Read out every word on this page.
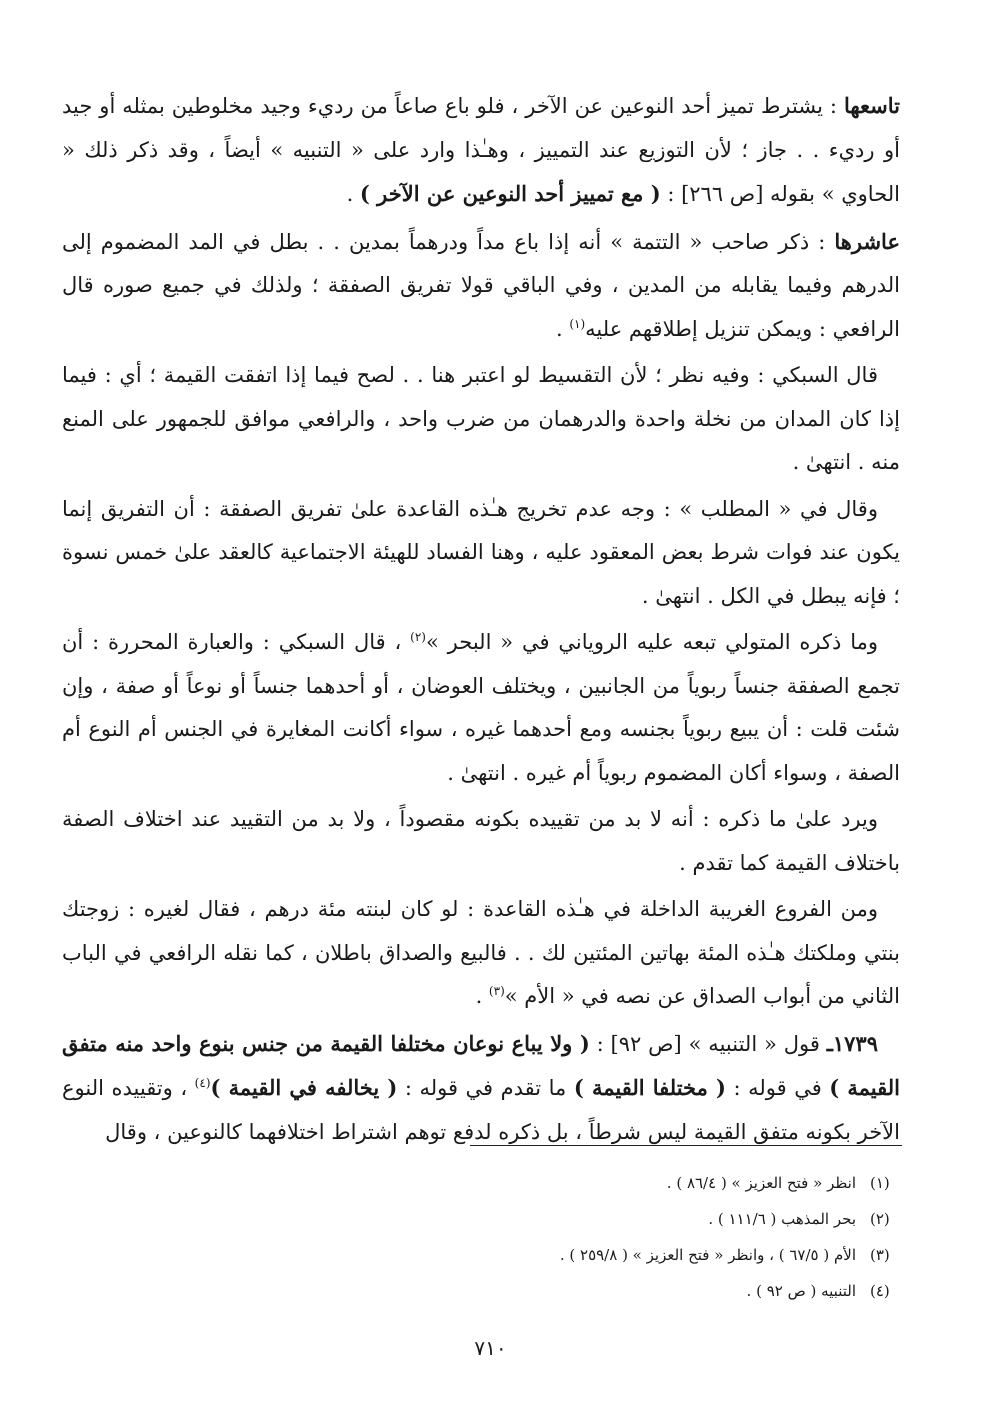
تاسعها : يشترط تميز أحد النوعين عن الآخر ، فلو باع صاعاً من رديء وجيد مخلوطين بمثله أو جيد أو رديء . . جاز ؛ لأن التوزيع عند التمييز ، وهـٰذا وارد على « التنبيه » أيضاً ، وقد ذكر ذلك « الحاوي » بقوله [ص ٢٦٦] : ( مع تمييز أحد النوعين عن الآخر ) .

عاشرها : ذكر صاحب « التتمة » أنه إذا باع مداً ودرهماً بمدين . . بطل في المد المضموم إلى الدرهم وفيما يقابله من المدين ، وفي الباقي قولا تفريق الصفقة ؛ ولذلك في جميع صوره قال الرافعي : ويمكن تنزيل إطلاقهم عليه$^{(١)}$ .

قال السبكي : وفيه نظر ؛ لأن التقسيط لو اعتبر هنا . . لصح فيما إذا اتفقت القيمة ؛ أي : فيما إذا كان المدان من نخلة واحدة والدرهمان من ضرب واحد ، والرافعي موافق للجمهور على المنع منه . انتهىٰ .

وقال في « المطلب » : وجه عدم تخريج هـٰذه القاعدة علىٰ تفريق الصفقة : أن التفريق إنما يكون عند فوات شرط بعض المعقود عليه ، وهنا الفساد للهيئة الاجتماعية كالعقد علىٰ خمس نسوة ؛ فإنه يبطل في الكل . انتهىٰ .

وما ذكره المتولي تبعه عليه الروياني في « البحر »$^{(٢)}$ ، قال السبكي : والعبارة المحررة : أن تجمع الصفقة جنساً ربوياً من الجانبين ، ويختلف العوضان ، أو أحدهما جنساً أو نوعاً أو صفة ، وإن شئت قلت : أن يبيع ربوياً بجنسه ومع أحدهما غيره ، سواء أكانت المغايرة في الجنس أم النوع أم الصفة ، وسواء أكان المضموم ربوياً أم غيره . انتهىٰ .

ويرد علىٰ ما ذكره : أنه لا بد من تقييده بكونه مقصوداً ، ولا بد من التقييد عند اختلاف الصفة باختلاف القيمة كما تقدم .

ومن الفروع الغريبة الداخلة في هـٰذه القاعدة : لو كان لبنته مئة درهم ، فقال لغيره : زوجتك بنتي وملكتك هـٰذه المئة بهاتين المئتين لك . . فالبيع والصداق باطلان ، كما نقله الرافعي في الباب الثاني من أبواب الصداق عن نصه في « الأم »$^{(٣)}$ .

١٧٣٩ـ قول « التنبيه » [ص ٩٢] : ( ولا يباع نوعان مختلفا القيمة من جنس بنوع واحد منه متفق القيمة ) في قوله : ( مختلفا القيمة ) ما تقدم في قوله : ( يخالفه في القيمة )$^{(٤)}$ ، وتقييده النوع الآخر بكونه متفق القيمة ليس شرطاً ، بل ذكره لدفع توهم اشتراط اختلافهما كالنوعين ، وقال

(١)
انظر « فتح العزيز » ( ٨٦/٤ ) .
(٢)
بحر المذهب ( ١١١/٦ ) .
(٣)
الأم ( ٦٧/٥ ) ، وانظر « فتح العزيز » ( ٢٥٩/٨ ) .
(٤)
التنبيه ( ص ٩٢ ) .
٧١٠
